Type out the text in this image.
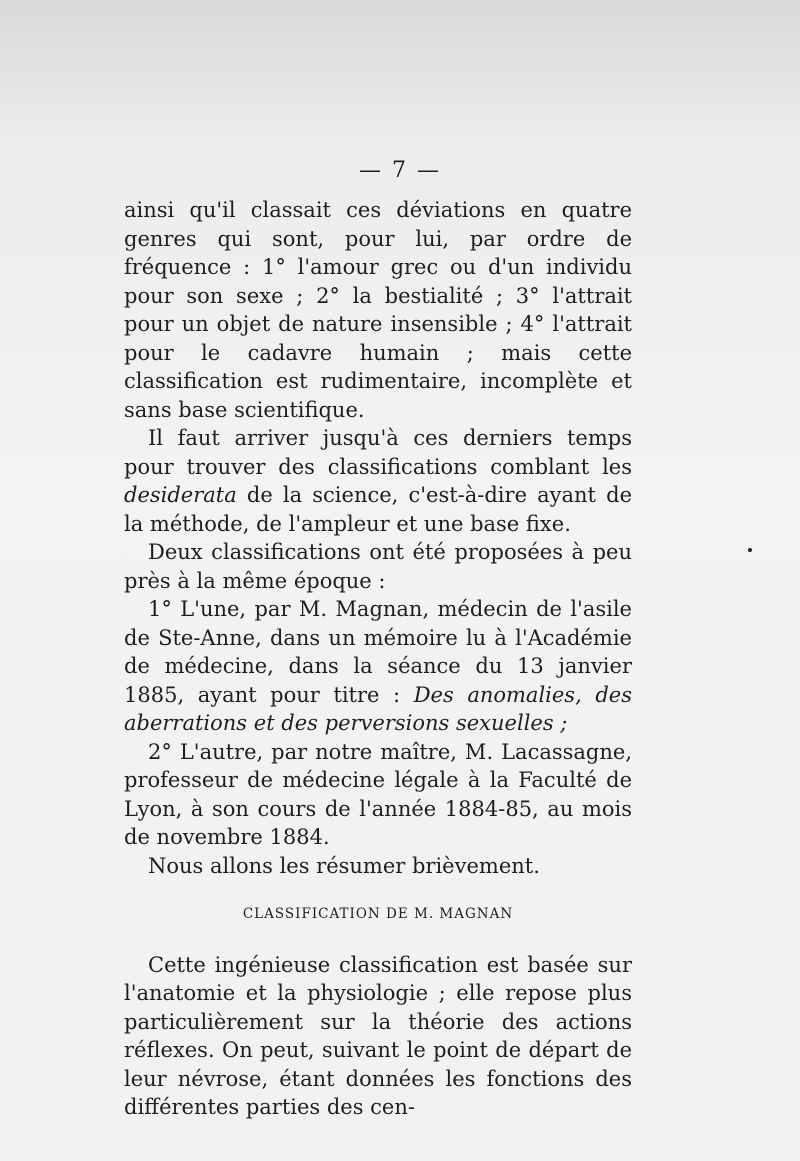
— 7 —

ainsi qu'il classait ces déviations en quatre genres qui sont, pour lui, par ordre de fréquence : 1° l'amour grec ou d'un individu pour son sexe ; 2° la bestialité ; 3° l'attrait pour un objet de nature insensible ; 4° l'attrait pour le cadavre humain ; mais cette classification est rudimentaire, incomplète et sans base scientifique.

Il faut arriver jusqu'à ces derniers temps pour trouver des classifications comblant les desiderata de la science, c'est-à-dire ayant de la méthode, de l'ampleur et une base fixe.

Deux classifications ont été proposées à peu près à la même époque :

1° L'une, par M. Magnan, médecin de l'asile de Ste-Anne, dans un mémoire lu à l'Académie de médecine, dans la séance du 13 janvier 1885, ayant pour titre : Des anomalies, des aberrations et des perversions sexuelles ;

2° L'autre, par notre maître, M. Lacassagne, professeur de médecine légale à la Faculté de Lyon, à son cours de l'année 1884-85, au mois de novembre 1884.

Nous allons les résumer brièvement.

CLASSIFICATION DE M. MAGNAN

Cette ingénieuse classification est basée sur l'anatomie et la physiologie ; elle repose plus particulièrement sur la théorie des actions réflexes. On peut, suivant le point de départ de leur névrose, étant données les fonctions des différentes parties des cen-
